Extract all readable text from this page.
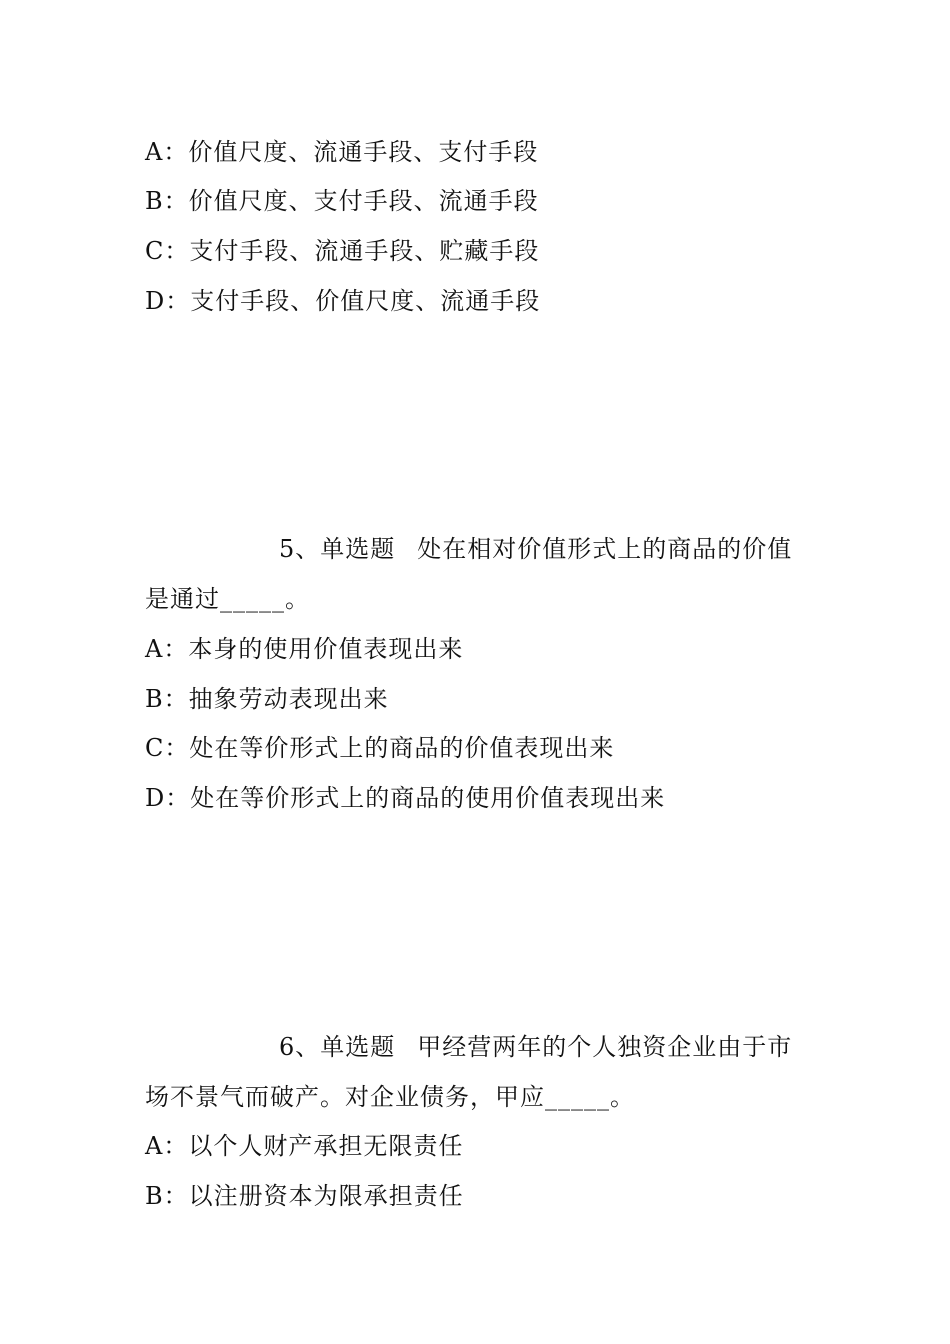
A：价值尺度、流通手段、支付手段
B：价值尺度、支付手段、流通手段
C：支付手段、流通手段、贮藏手段
D：支付手段、价值尺度、流通手段
5、单选题 处在相对价值形式上的商品的价值
是通过_____。
A：本身的使用价值表现出来
B：抽象劳动表现出来
C：处在等价形式上的商品的价值表现出来
D：处在等价形式上的商品的使用价值表现出来
6、单选题 甲经营两年的个人独资企业由于市
场不景气而破产。对企业债务，甲应_____。
A：以个人财产承担无限责任
B：以注册资本为限承担责任
